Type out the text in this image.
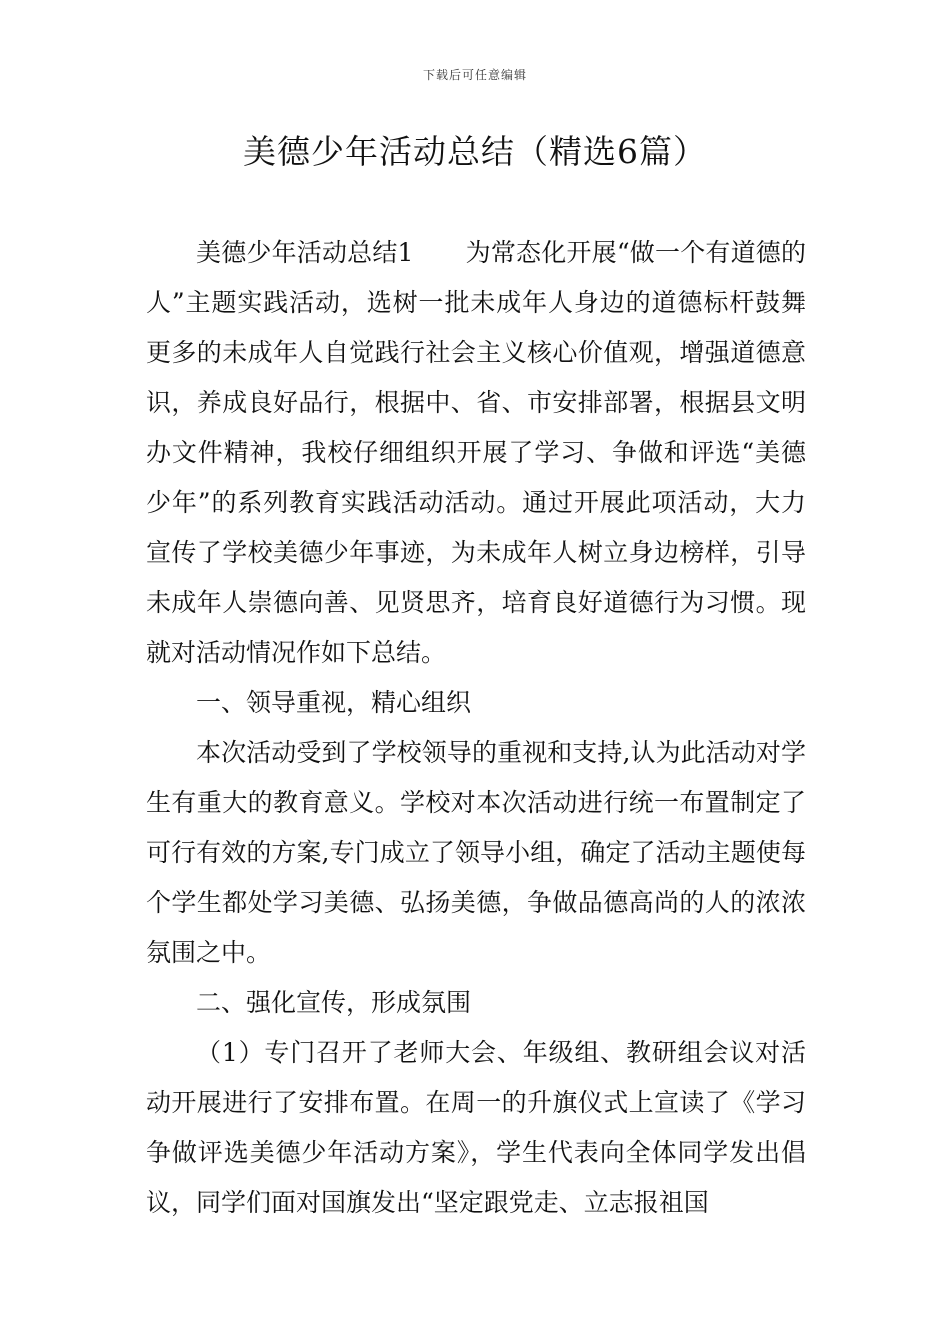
下载后可任意编辑
美德少年活动总结（精选6篇）

美德少年活动总结1 为常态化开展“做一个有道德的人”主题实践活动，选树一批未成年人身边的道德标杆鼓舞更多的未成年人自觉践行社会主义核心价值观，增强道德意识，养成良好品行，根据中、省、市安排部署，根据县文明办文件精神，我校仔细组织开展了学习、争做和评选“美德少年”的系列教育实践活动活动。通过开展此项活动，大力宣传了学校美德少年事迹，为未成年人树立身边榜样，引导未成年人崇德向善、见贤思齐，培育良好道德行为习惯。现就对活动情况作如下总结。

一、领导重视，精心组织

本次活动受到了学校领导的重视和支持,认为此活动对学生有重大的教育意义。学校对本次活动进行统一布置制定了可行有效的方案,专门成立了领导小组，确定了活动主题使每个学生都处学习美德、弘扬美德，争做品德高尚的人的浓浓氛围之中。

二、强化宣传，形成氛围

（1）专门召开了老师大会、年级组、教研组会议对活动开展进行了安排布置。在周一的升旗仪式上宣读了《学习争做评选美德少年活动方案》，学生代表向全体同学发出倡议，同学们面对国旗发出“坚定跟党走、立志报祖国
